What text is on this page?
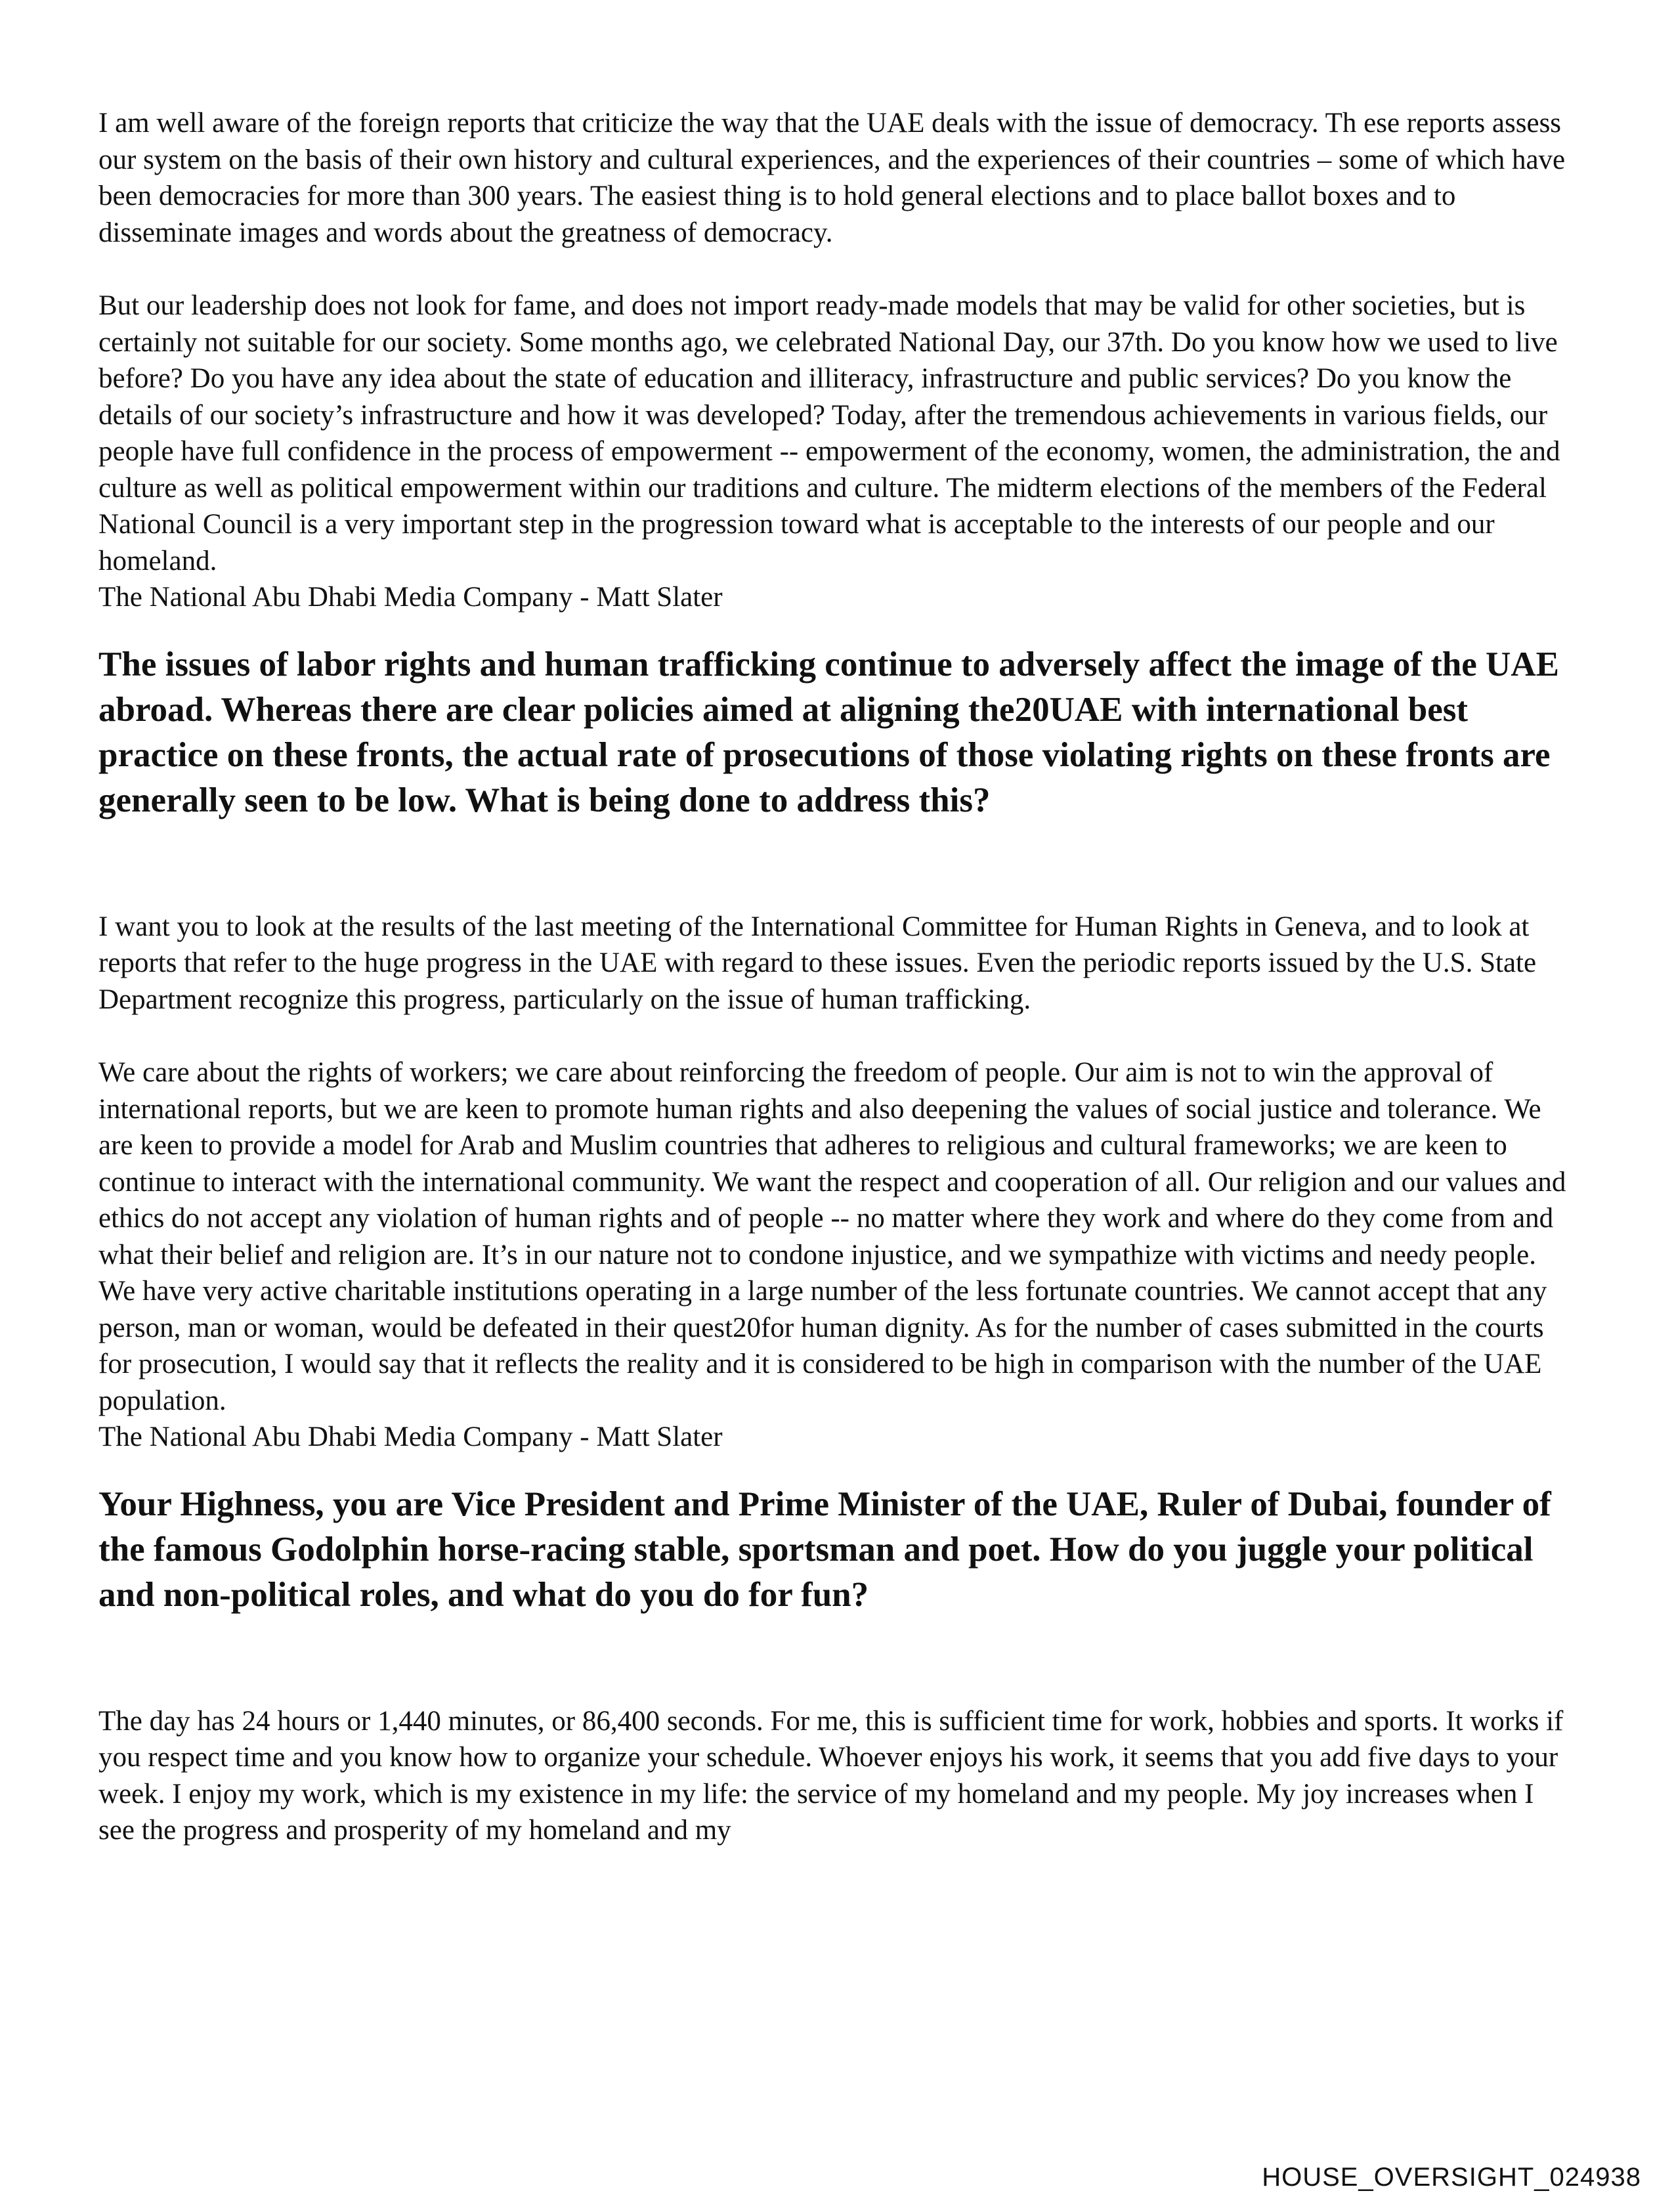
I am well aware of the foreign reports that criticize the way that the UAE deals with the issue of democracy. Th ese reports assess our system on the basis of their own history and cultural experiences, and the experiences of their countries – some of which have been democracies for more than 300 years. The easiest thing is to hold general elections and to place ballot boxes and to disseminate images and words about the greatness of democracy.

But our leadership does not look for fame, and does not import ready-made models that may be valid for other societies, but is certainly not suitable for our society. Some months ago, we celebrated National Day, our 37th. Do you know how we used to live before? Do you have any idea about the state of education and illiteracy, infrastructure and public services? Do you know the details of our society’s infrastructure and how it was developed? Today, after the tremendous achievements in various fields, our people have full confidence in the process of empowerment -- empowerment of the economy, women, the administration, the and culture as well as political empowerment within our traditions and culture. The midterm elections of the members of the Federal National Council is a very important step in the progression toward what is acceptable to the interests of our people and our homeland.

The National Abu Dhabi Media Company - Matt Slater

The issues of labor rights and human trafficking continue to adversely affect the image of the UAE abroad. Whereas there are clear policies aimed at aligning the20UAE with international best practice on these fronts, the actual rate of prosecutions of those violating rights on these fronts are generally seen to be low. What is being done to address this?

I want you to look at the results of the last meeting of the International Committee for Human Rights in Geneva, and to look at reports that refer to the huge progress in the UAE with regard to these issues. Even the periodic reports issued by the U.S. State Department recognize this progress, particularly on the issue of human trafficking.

We care about the rights of workers; we care about reinforcing the freedom of people. Our aim is not to win the approval of international reports, but we are keen to promote human rights and also deepening the values of social justice and tolerance. We are keen to provide a model for Arab and Muslim countries that adheres to religious and cultural frameworks; we are keen to continue to interact with the international community. We want the respect and cooperation of all. Our religion and our values and ethics do not accept any violation of human rights and of people -- no matter where they work and where do they come from and what their belief and religion are. It’s in our nature not to condone injustice, and we sympathize with victims and needy people. We have very active charitable institutions operating in a large number of the less fortunate countries. We cannot accept that any person, man or woman, would be defeated in their quest20for human dignity. As for the number of cases submitted in the courts for prosecution, I would say that it reflects the reality and it is considered to be high in comparison with the number of the UAE population.

The National Abu Dhabi Media Company - Matt Slater

Your Highness, you are Vice President and Prime Minister of the UAE, Ruler of Dubai, founder of the famous Godolphin horse-racing stable, sportsman and poet. How do you juggle your political and non-political roles, and what do you do for fun?

The day has 24 hours or 1,440 minutes, or 86,400 seconds. For me, this is sufficient time for work, hobbies and sports. It works if you respect time and you know how to organize your schedule. Whoever enjoys his work, it seems that you add five days to your week. I enjoy my work, which is my existence in my life: the service of my homeland and my people. My joy increases when I see the progress and prosperity of my homeland and my

HOUSE_OVERSIGHT_024938
